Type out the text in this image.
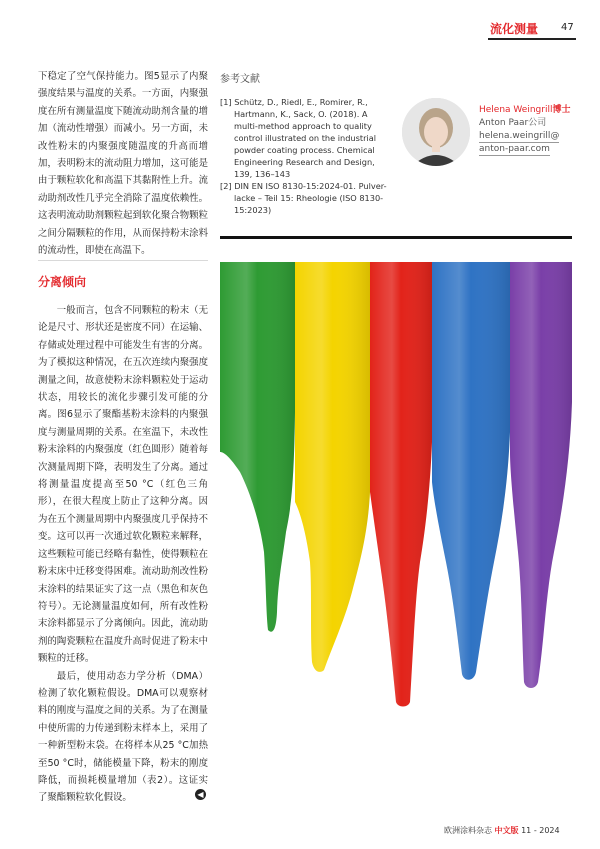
流化测量 47

下稳定了空气保持能力。图5显示了内聚强度结果与温度的关系。一方面，内聚强度在所有测量温度下随流动助剂含量的增加（流动性增强）而减小。另一方面，未改性粉末的内聚强度随温度的升高而增加，表明粉末的流动阻力增加，这可能是由于颗粒软化和高温下其黏附性上升。流动助剂改性几乎完全消除了温度依赖性。这表明流动助剂颗粒起到软化聚合物颗粒之间分隔颗粒的作用，从而保持粉末涂料的流动性，即使在高温下。

分离倾向

一般而言，包含不同颗粒的粉末（无论是尺寸、形状还是密度不同）在运输、存储或处理过程中可能发生有害的分离。为了模拟这种情况，在五次连续内聚强度测量之间，故意使粉末涂料颗粒处于运动状态，用较长的流化步骤引发可能的分离。图6显示了聚酯基粉末涂料的内聚强度与测量周期的关系。在室温下，未改性粉末涂料的内聚强度（红色圆形）随着每次测量周期下降，表明发生了分离。通过将测量温度提高至50 °C（红色三角形），在很大程度上防止了这种分离。因为在五个测量周期中内聚强度几乎保持不变。这可以再一次通过软化颗粒来解释，这些颗粒可能已经略有黏性，使得颗粒在粉末床中迁移变得困难。流动助剂改性粉末涂料的结果证实了这一点（黑色和灰色符号）。无论测量温度如何，所有改性粉末涂料都显示了分离倾向。因此，流动助剂的陶瓷颗粒在温度升高时促进了粉末中颗粒的迁移。

最后，使用动态力学分析（DMA）检测了软化颗粒假设。DMA可以观察材料的刚度与温度之间的关系。为了在测量中使所需的力传递到粉末样本上，采用了一种新型粉末袋。在将样本从25 °C加热至50 °C时，储能模量下降，粉末的刚度降低，而损耗模量增加（表2）。这证实了聚酯颗粒软化假设。	◀
参考文献

[1] Schütz, D., Riedl, E., Romirer, R., Hartmann, K., Sack, O. (2018). A multi-method approach to quality control illustrated on the industrial powder coating process. Chemical Engineering Research and Design, 139, 136–143

[2] DIN EN ISO 8130-15:2024-01. Pulver-lacke – Teil 15: Rheologie (ISO 8130-15:2023)

Helena Weingrill博士
Anton Paar公司
helena.weingrill@
anton-paar.com
欧洲涂料杂志 中文版 11 - 2024
